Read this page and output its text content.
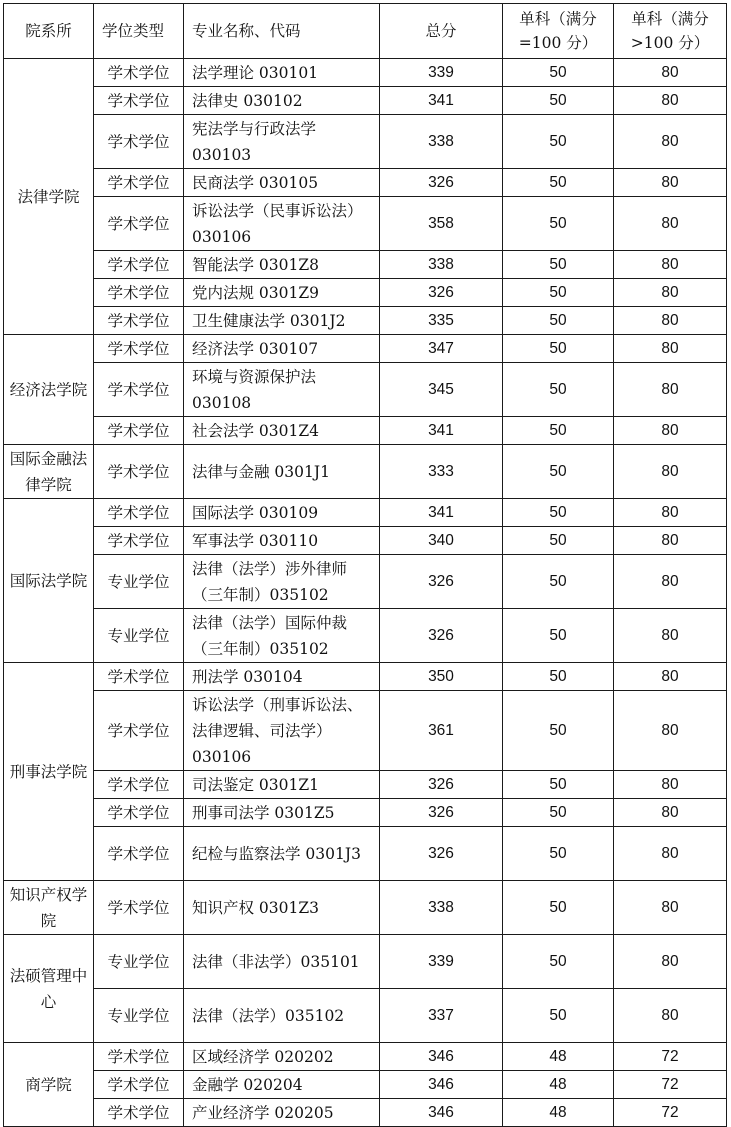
院系所	学位类型	专业名称、代码	总分	单科（满分=100 分）	单科（满分>100 分）
法律学院	学术学位	法学理论 030101	339	50	80
	学术学位	法律史 030102	341	50	80
	学术学位	宪法学与行政法学 030103	338	50	80
	学术学位	民商法学 030105	326	50	80
	学术学位	诉讼法学（民事诉讼法）030106	358	50	80
	学术学位	智能法学 0301Z8	338	50	80
	学术学位	党内法规 0301Z9	326	50	80
	学术学位	卫生健康法学 0301J2	335	50	80
经济法学院	学术学位	经济法学 030107	347	50	80
	学术学位	环境与资源保护法 030108	345	50	80
	学术学位	社会法学 0301Z4	341	50	80
国际金融法律学院	学术学位	法律与金融 0301J1	333	50	80
国际法学院	学术学位	国际法学 030109	341	50	80
	学术学位	军事法学 030110	340	50	80
	专业学位	法律（法学）涉外律师（三年制）035102	326	50	80
	专业学位	法律（法学）国际仲裁（三年制）035102	326	50	80
刑事法学院	学术学位	刑法学 030104	350	50	80
	学术学位	诉讼法学（刑事诉讼法、法律逻辑、司法学）030106	361	50	80
	学术学位	司法鉴定 0301Z1	326	50	80
	学术学位	刑事司法学 0301Z5	326	50	80
	学术学位	纪检与监察法学 0301J3	326	50	80
知识产权学院	学术学位	知识产权 0301Z3	338	50	80
法硕管理中心	专业学位	法律（非法学）035101	339	50	80
	专业学位	法律（法学）035102	337	50	80
商学院	学术学位	区域经济学 020202	346	48	72
	学术学位	金融学 020204	346	48	72
	学术学位	产业经济学 020205	346	48	72
